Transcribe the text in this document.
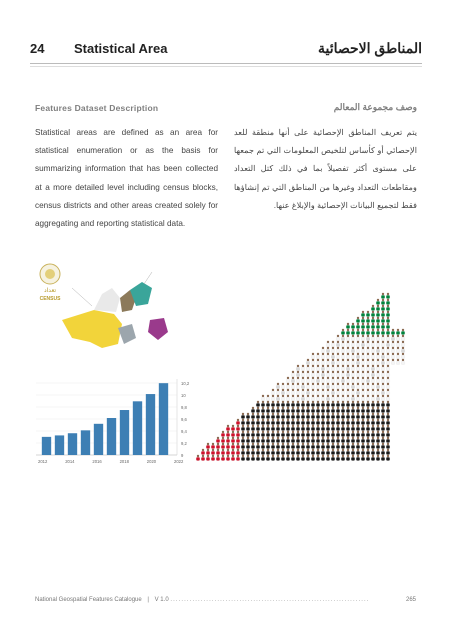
24 Statistical Area	المناطق الاحصائية
Features Dataset Description	وصف مجموعة المعالم
Statistical areas are defined as an area for statistical enumeration or as the basis for summarizing information that has been collected at a more detailed level including census blocks, census districts and other areas created solely for aggregating and reporting statistical data.
يتم تعريف المناطق الإحصائية على أنها منطقة للعد الإحصائي أو كأساس لتلخيص المعلومات التي تم جمعها على مستوى أكثر تفصيلاً بما في ذلك كتل التعداد ومقاطعات التعداد وغيرها من المناطق التي تم إنشاؤها فقط لتجميع البيانات الإحصائية والإبلاغ عنها.
تعداد
CENSUS
2012	2014	2016	2018	2020	2022
10,2
10
9,8
9,6
9,4
9,2
9
National Geospatial Features Catalogue | V 1.0 ........................................................................	265
